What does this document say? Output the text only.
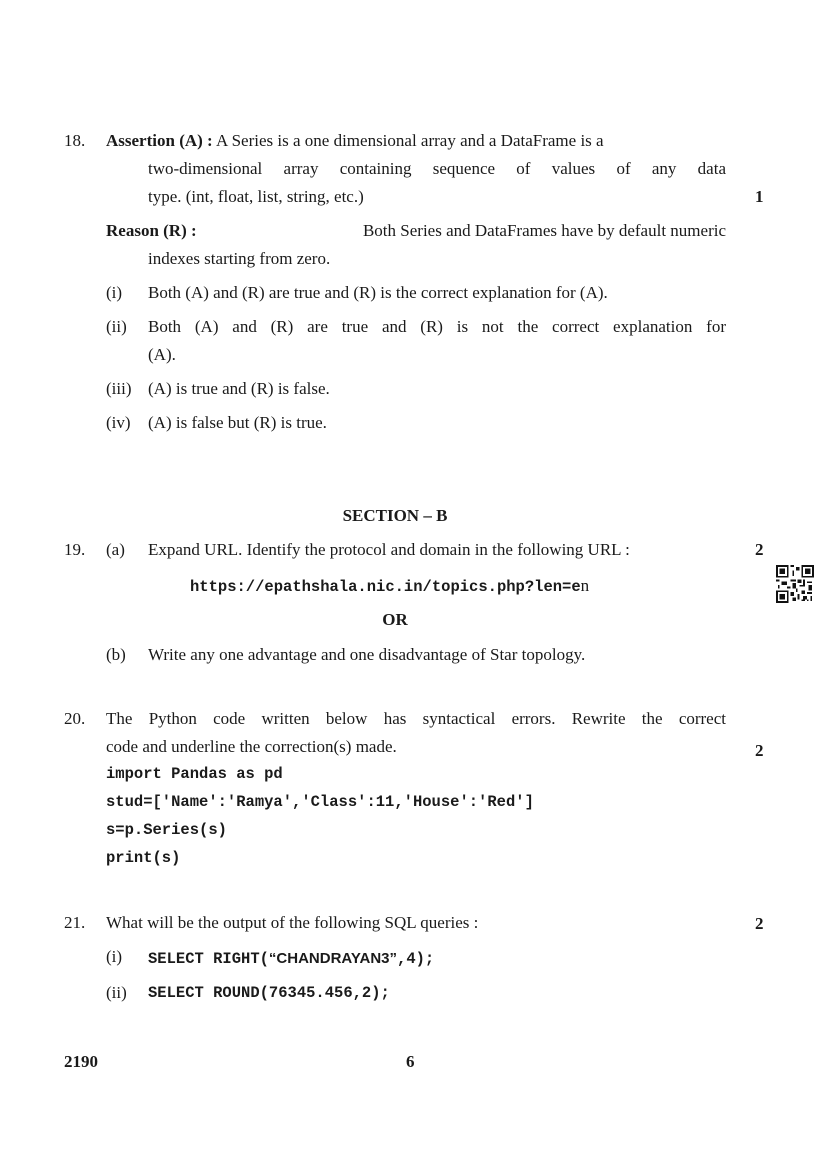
18. Assertion (A) : A Series is a one dimensional array and a DataFrame is a
two-dimensional array containing sequence of values of any data
type. (int, float, list, string, etc.)	1
Reason (R) :	Both Series and DataFrames have by default numeric
indexes starting from zero.
(i) Both (A) and (R) are true and (R) is the correct explanation for (A).
(ii) Both (A) and (R) are true and (R) is not the correct explanation for
(A).
(iii) (A) is true and (R) is false.
(iv) (A) is false but (R) is true.
SECTION – B
19. (a) Expand URL. Identify the protocol and domain in the following URL :	2
https://epathshala.nic.in/topics.php?len=en
OR
(b) Write any one advantage and one disadvantage of Star topology.
20. The Python code written below has syntactical errors. Rewrite the correct
code and underline the correction(s) made.	2
import Pandas as pd
stud=['Name':'Ramya','Class':11,'House':'Red']
s=p.Series(s)
print(s)
21. What will be the output of the following SQL queries :	2
(i) SELECT RIGHT(“CHANDRAYAN3”,4);
(ii) SELECT ROUND(76345.456,2);
2190	6
